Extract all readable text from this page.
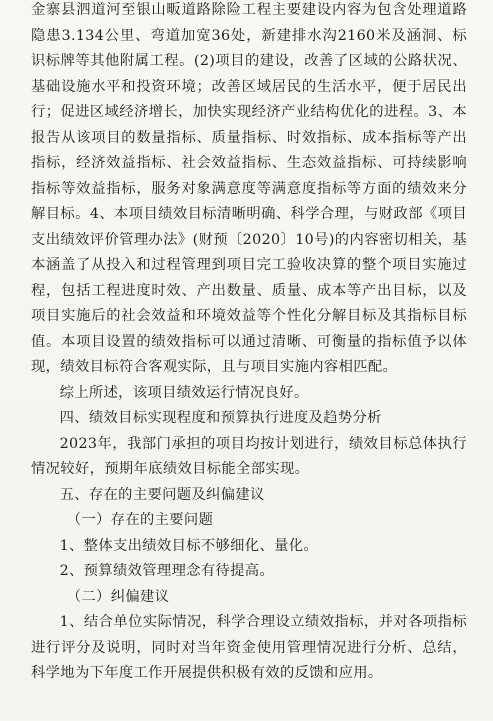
金寨县泗道河至银山畈道路除险工程主要建设内容为包含处理道路隐患3.134公里、弯道加宽36处，新建排水沟2160米及涵洞、标识标牌等其他附属工程。(2)项目的建设，改善了区域的公路状况、基础设施水平和投资环境；改善区域居民的生活水平，便于居民出行；促进区域经济增长，加快实现经济产业结构优化的进程。3、本报告从该项目的数量指标、质量指标、时效指标、成本指标等产出指标，经济效益指标、社会效益指标、生态效益指标、可持续影响指标等效益指标，服务对象满意度等满意度指标等方面的绩效来分解目标。4、本项目绩效目标清晰明确、科学合理，与财政部《项目支出绩效评价管理办法》(财预〔2020〕10号)的内容密切相关，基本涵盖了从投入和过程管理到项目完工验收决算的整个项目实施过程，包括工程进度时效、产出数量、质量、成本等产出目标，以及项目实施后的社会效益和环境效益等个性化分解目标及其指标目标值。本项目设置的绩效指标可以通过清晰、可衡量的指标值予以体现，绩效目标符合客观实际，且与项目实施内容相匹配。

综上所述，该项目绩效运行情况良好。

四、绩效目标实现程度和预算执行进度及趋势分析

2023年，我部门承担的项目均按计划进行，绩效目标总体执行情况较好，预期年底绩效目标能全部实现。

五、存在的主要问题及纠偏建议

（一）存在的主要问题

1、整体支出绩效目标不够细化、量化。

2、预算绩效管理理念有待提高。

（二）纠偏建议

1、结合单位实际情况，科学合理设立绩效指标，并对各项指标进行评分及说明，同时对当年资金使用管理情况进行分析、总结，科学地为下年度工作开展提供积极有效的反馈和应用。
